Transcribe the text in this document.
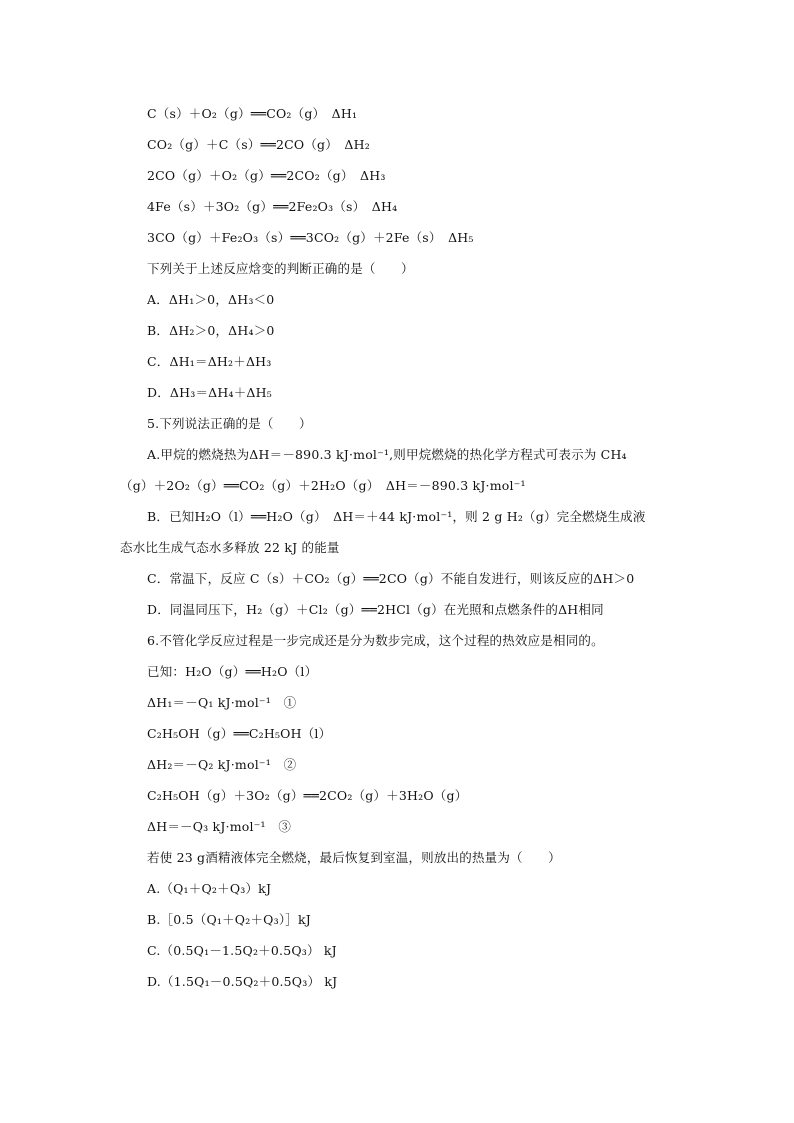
C（s）＋O₂（g）══CO₂（g）　ΔH₁

CO₂（g）＋C（s）══2CO（g）　ΔH₂

2CO（g）＋O₂（g）══2CO₂（g）　ΔH₃

4Fe（s）＋3O₂（g）══2Fe₂O₃（s）　ΔH₄

3CO（g）＋Fe₂O₃（s）══3CO₂（g）＋2Fe（s）　ΔH₅

下列关于上述反应焓变的判断正确的是（　　）

A．ΔH₁＞0，ΔH₃＜0

B．ΔH₂＞0，ΔH₄＞0

C．ΔH₁＝ΔH₂＋ΔH₃

D．ΔH₃＝ΔH₄＋ΔH₅

5.下列说法正确的是（　　）

A.甲烷的燃烧热为ΔH＝－890.3 kJ·mol⁻¹,则甲烷燃烧的热化学方程式可表示为 CH₄

（g）＋2O₂（g）══CO₂（g）＋2H₂O（g）　ΔH＝－890.3 kJ·mol⁻¹

B．已知H₂O（l）══H₂O（g）　ΔH＝＋44 kJ·mol⁻¹，则 2 g H₂（g）完全燃烧生成液

态水比生成气态水多释放 22 kJ 的能量

C．常温下，反应 C（s）＋CO₂（g）══2CO（g）不能自发进行，则该反应的ΔH＞0

D．同温同压下，H₂（g）＋Cl₂（g）══2HCl（g）在光照和点燃条件的ΔH相同

6.不管化学反应过程是一步完成还是分为数步完成，这个过程的热效应是相同的。

已知：H₂O（g）══H₂O（l）

ΔH₁＝－Q₁ kJ·mol⁻¹　①

C₂H₅OH（g）══C₂H₅OH（l）

ΔH₂＝－Q₂ kJ·mol⁻¹　②

C₂H₅OH（g）＋3O₂（g）══2CO₂（g）＋3H₂O（g）

ΔH＝－Q₃ kJ·mol⁻¹　③

若使 23 g酒精液体完全燃烧，最后恢复到室温，则放出的热量为（　　）

A.（Q₁＋Q₂＋Q₃）kJ

B.［0.5（Q₁＋Q₂＋Q₃）］kJ

C.（0.5Q₁－1.5Q₂＋0.5Q₃） kJ

D.（1.5Q₁－0.5Q₂＋0.5Q₃） kJ
